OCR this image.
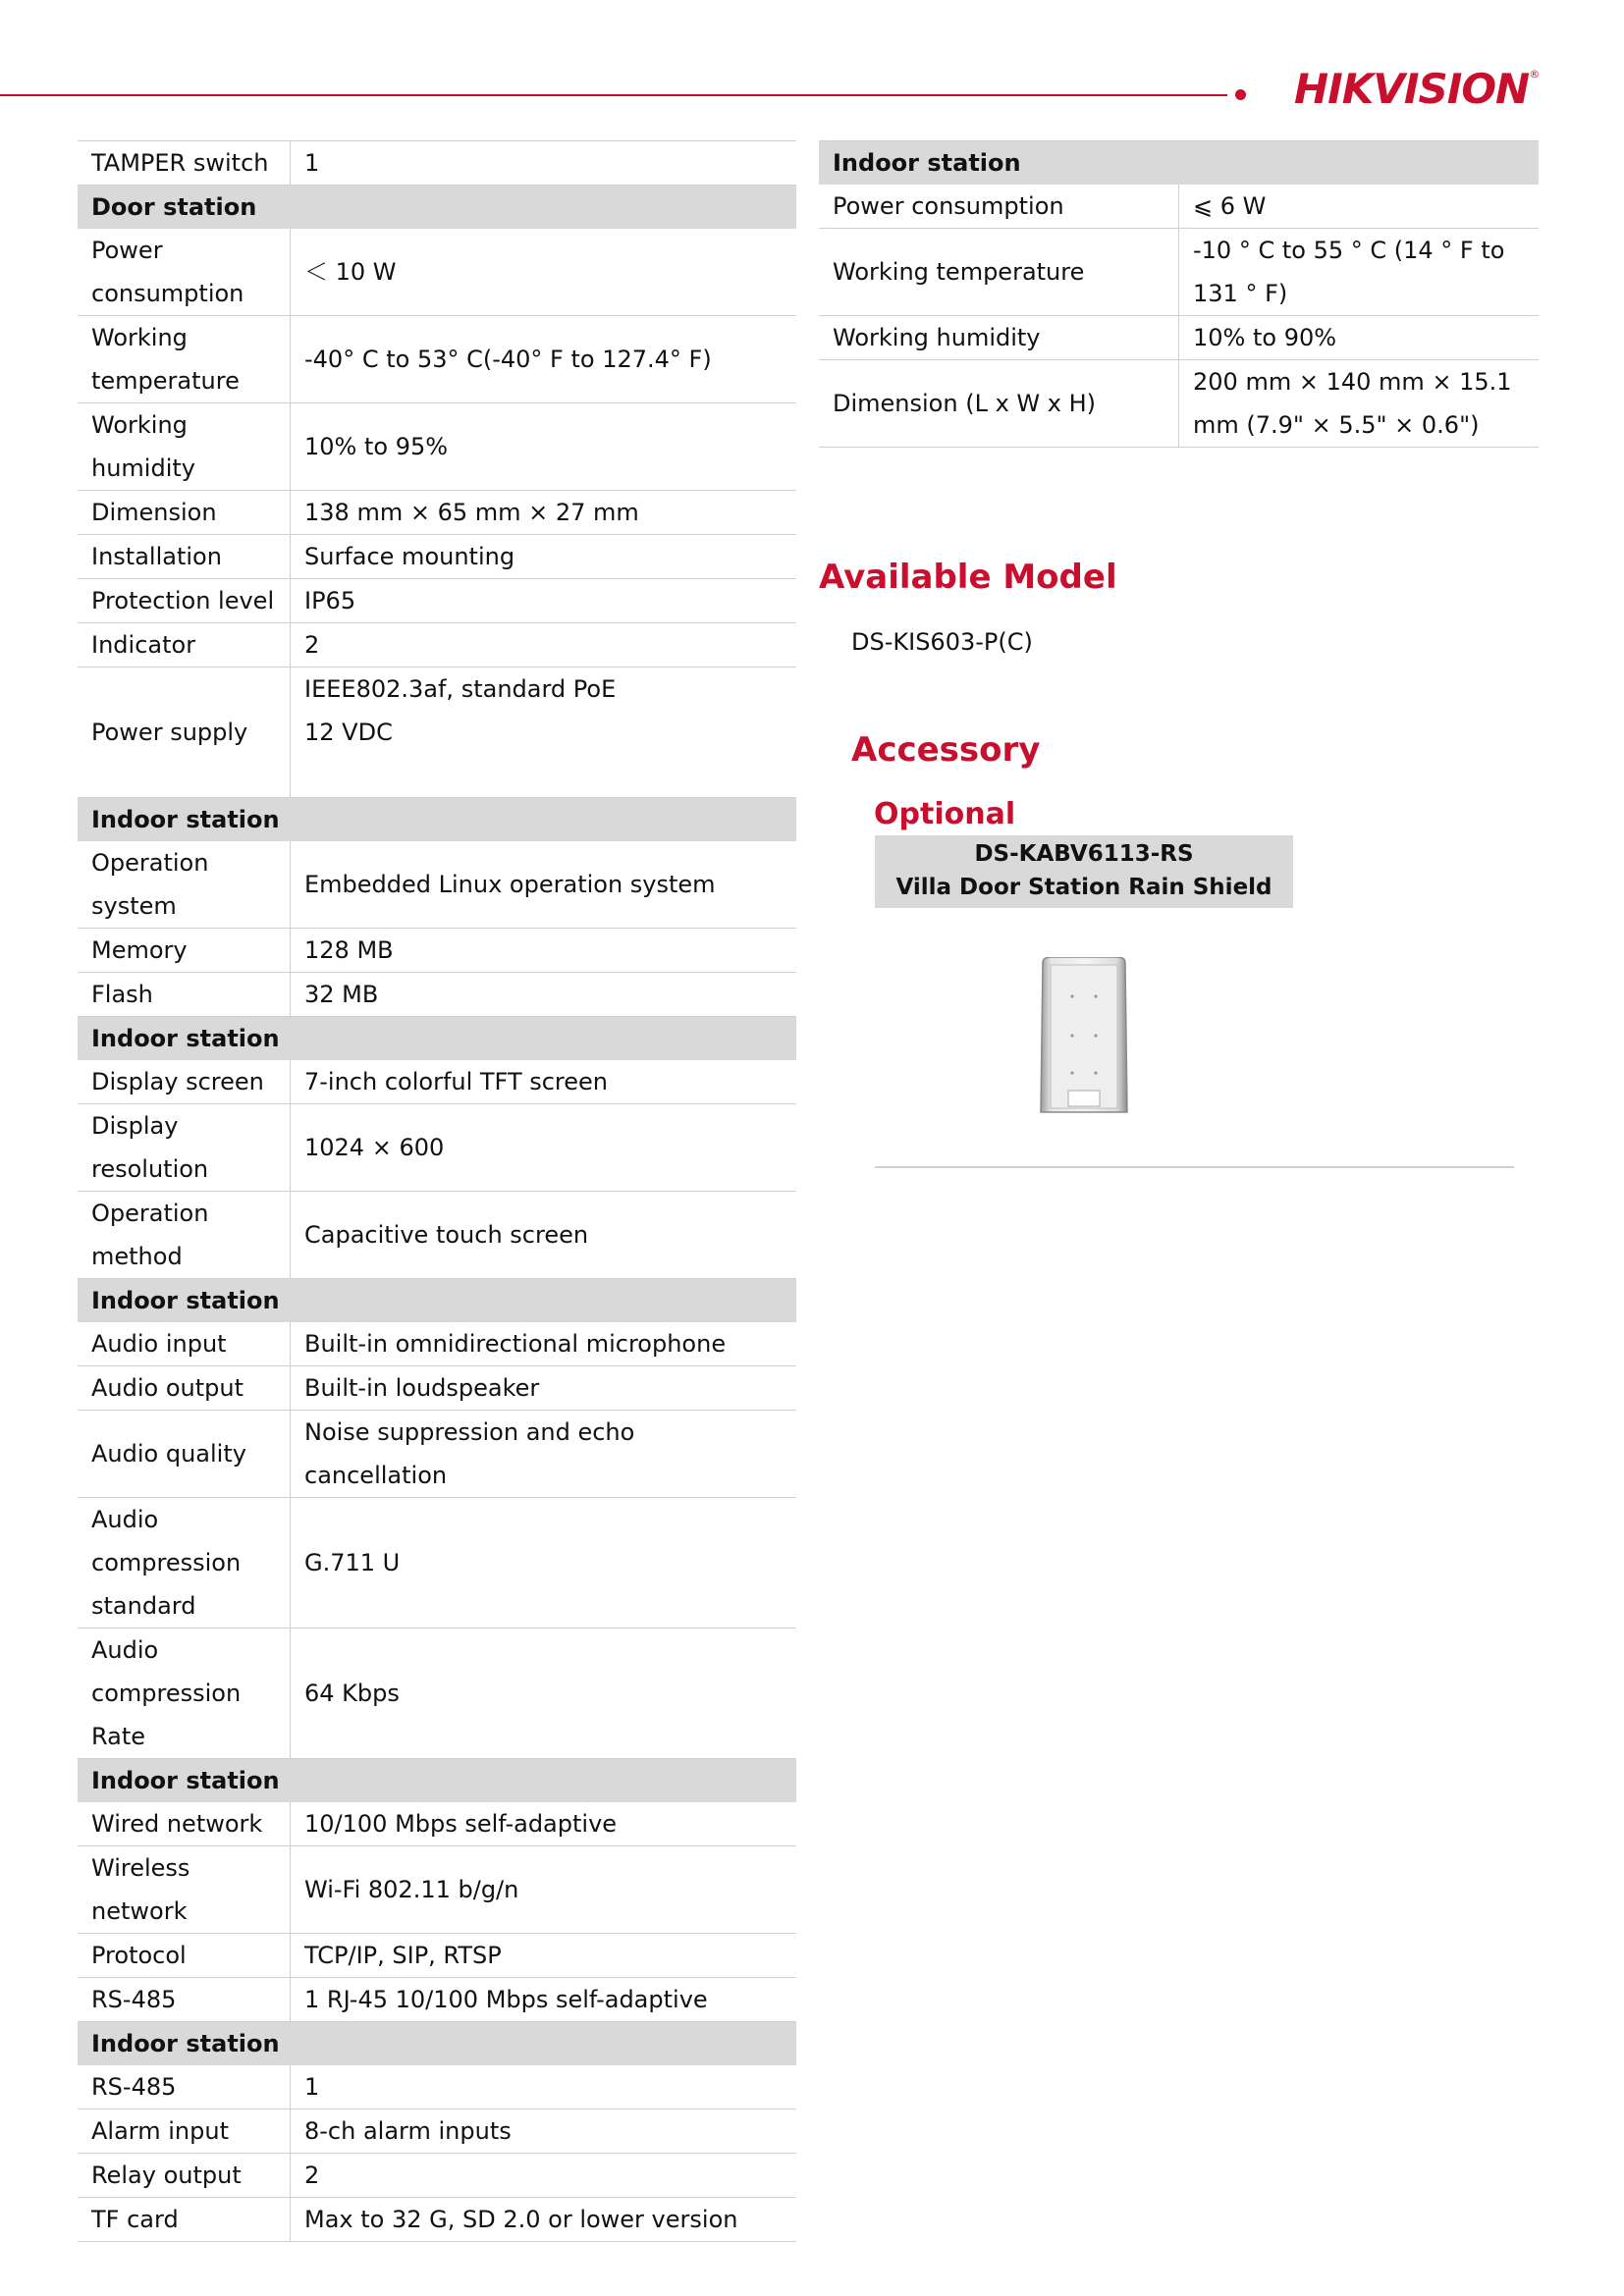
HIKVISION®
TAMPER switch	1
Door station	
Power consumption	＜ 10 W
Working temperature	-40° C to 53° C(-40° F to 127.4° F)
Working humidity	10% to 95%
Dimension	138 mm × 65 mm × 27 mm
Installation	Surface mounting
Protection level	IP65
Indicator	2
Power supply	IEEE802.3af, standard PoE
12 VDC
Indoor station	
Operation system	Embedded Linux operation system
Memory	128 MB
Flash	32 MB
Indoor station	
Display screen	7-inch colorful TFT screen
Display resolution	1024 × 600
Operation method	Capacitive touch screen
Indoor station	
Audio input	Built-in omnidirectional microphone
Audio output	Built-in loudspeaker
Audio quality	Noise suppression and echo cancellation
Audio compression standard	G.711 U
Audio compression Rate	64 Kbps
Indoor station	
Wired network	10/100 Mbps self-adaptive
Wireless network	Wi-Fi 802.11 b/g/n
Protocol	TCP/IP, SIP, RTSP
RS-485	1 RJ-45 10/100 Mbps self-adaptive
Indoor station	
RS-485	1
Alarm input	8-ch alarm inputs
Relay output	2
TF card	Max to 32 G, SD 2.0 or lower version
Indoor station	
Power consumption	⩽ 6 W
Working temperature	-10 ° C to 55 ° C (14 ° F to 131 ° F)
Working humidity	10% to 90%
Dimension (L x W x H)	200 mm × 140 mm × 15.1 mm (7.9" × 5.5" × 0.6")
Available Model
DS-KIS603-P(C)
Accessory
Optional
DS-KABV6113-RS
Villa Door Station Rain Shield
